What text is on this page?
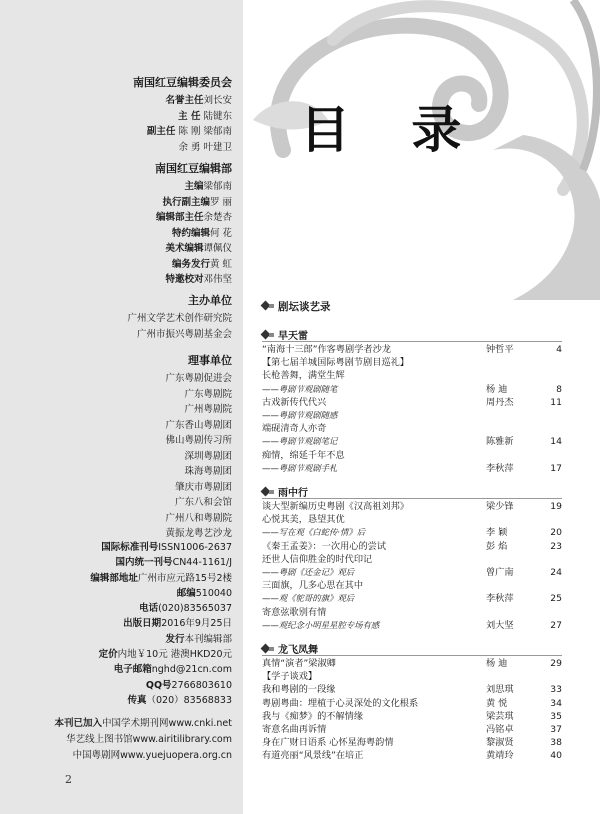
南国红豆编辑委员会
名誉主任刘长安
主 任 陆键东
副主任 陈 刚 梁郁南
余 勇 叶建卫
南国红豆编辑部
主编梁郁南
执行副主编罗 丽
编辑部主任余楚杏
特约编辑何 花
美术编辑谭佩仪
编务发行黄 虹
特邀校对邓伟坚
主办单位
广州文学艺术创作研究院
广州市振兴粤剧基金会
理事单位
广东粤剧促进会
广东粤剧院
广州粤剧院
广东香山粤剧团
佛山粤剧传习所
深圳粤剧团
珠海粤剧团
肇庆市粤剧团
广东八和会馆
广州八和粤剧院
黄振龙粤艺沙龙
国际标准刊号ISSN1006-2637
国内统一刊号CN44-1161/J
编辑部地址广州市应元路15号2楼
邮编510040
电话(020)83565037
出版日期2016年9月25日
发行本刊编辑部
定价内地￥10元 港澳HKD20元
电子邮箱nghd@21cn.com
QQ号2766803610
传真（020）83568833
本刊已加入中国学术期刊网www.cnki.net
华艺线上图书馆www.airitilibrary.com
中国粤剧网www.yuejuopera.org.cn
2
目 录
剧坛谈艺录
早天雷
“南海十三郎”作客粤剧学者沙龙	钟哲平	4
【第七届羊城国际粤剧节剧目巡礼】
长枪善舞，满堂生辉
——粤剧节观剧随笔	杨 迪	8
古戏新传代代兴
——粤剧节观剧随感
周丹杰	11
端砚清奇人亦奇
——粤剧节观剧笔记	陈雅新	14
痴情，绵延千年不息
——粤剧节观剧手札	李秋萍	17
雨中行
谈大型新编历史粤剧《汉高祖刘邦》	梁少锋	19
心悦其美，恳望其优
——写在观《白蛇传·情》后	李 颖	20
《秦王孟姜》：一次用心的尝试	彭 焰	23
还世人信仰胜金的时代印记
——粤剧《还金记》观后	曾广南	24
三面旗，几多心思在其中
——观《鸵哥的旗》观后	李秋萍	25
寄意弦歌别有情
——观纪念小明星星腔专场有感	刘大坚	27
龙飞凤舞
真情“演者”梁淑卿	杨 迪	29
【学子谈戏】
我和粤剧的一段缘	刘思琪	33
粤剧粤曲：埋植于心灵深处的文化根系	黄 悦	34
我与《痴梦》的不解情缘	梁芸琪	35
寄意名曲再诉情	冯铭卓	37
身在广财日语系 心怀星海粤韵情	黎淑贤	38
有道亮丽“风景线”在培正	黄靖玲	40
